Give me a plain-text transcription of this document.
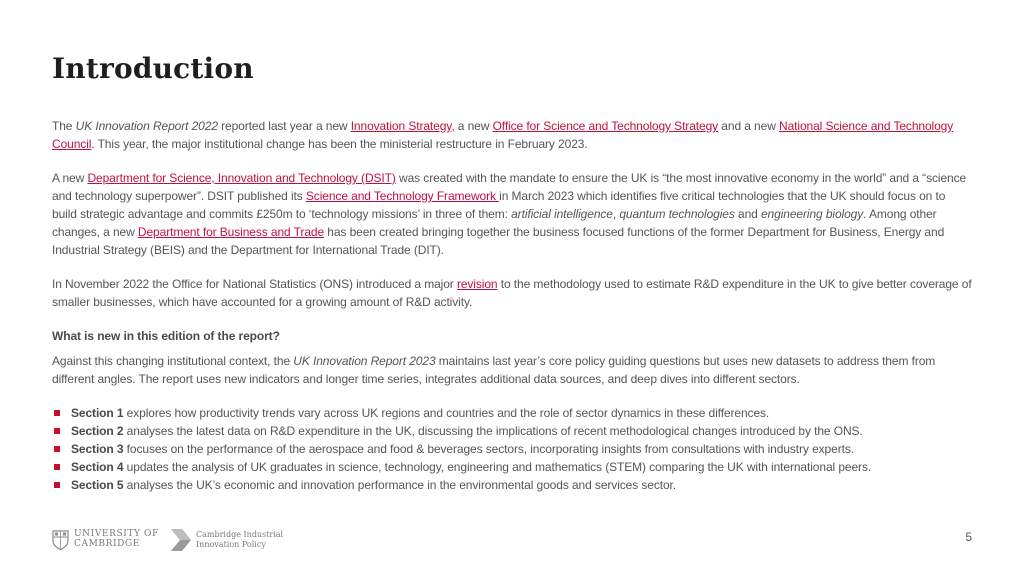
Introduction

The UK Innovation Report 2022 reported last year a new Innovation Strategy, a new Office for Science and Technology Strategy and a new National Science and Technology Council. This year, the major institutional change has been the ministerial restructure in February 2023.

A new Department for Science, Innovation and Technology (DSIT) was created with the mandate to ensure the UK is “the most innovative economy in the world” and a “science and technology superpower”. DSIT published its Science and Technology Framework in March 2023 which identifies five critical technologies that the UK should focus on to build strategic advantage and commits £250m to ‘technology missions’ in three of them: artificial intelligence, quantum technologies and engineering biology. Among other changes, a new Department for Business and Trade has been created bringing together the business focused functions of the former Department for Business, Energy and Industrial Strategy (BEIS) and the Department for International Trade (DIT).

In November 2022 the Office for National Statistics (ONS) introduced a major revision to the methodology used to estimate R&D expenditure in the UK to give better coverage of smaller businesses, which have accounted for a growing amount of R&D activity.

What is new in this edition of the report?

Against this changing institutional context, the UK Innovation Report 2023 maintains last year’s core policy guiding questions but uses new datasets to address them from different angles. The report uses new indicators and longer time series, integrates additional data sources, and deep dives into different sectors.

Section 1 explores how productivity trends vary across UK regions and countries and the role of sector dynamics in these differences.
Section 2 analyses the latest data on R&D expenditure in the UK, discussing the implications of recent methodological changes introduced by the ONS.
Section 3 focuses on the performance of the aerospace and food & beverages sectors, incorporating insights from consultations with industry experts.
Section 4 updates the analysis of UK graduates in science, technology, engineering and mathematics (STEM) comparing the UK with international peers.
Section 5 analyses the UK’s economic and innovation performance in the environmental goods and services sector.
UNIVERSITY OF
CAMBRIDGE
Cambridge Industrial
Innovation Policy
5
